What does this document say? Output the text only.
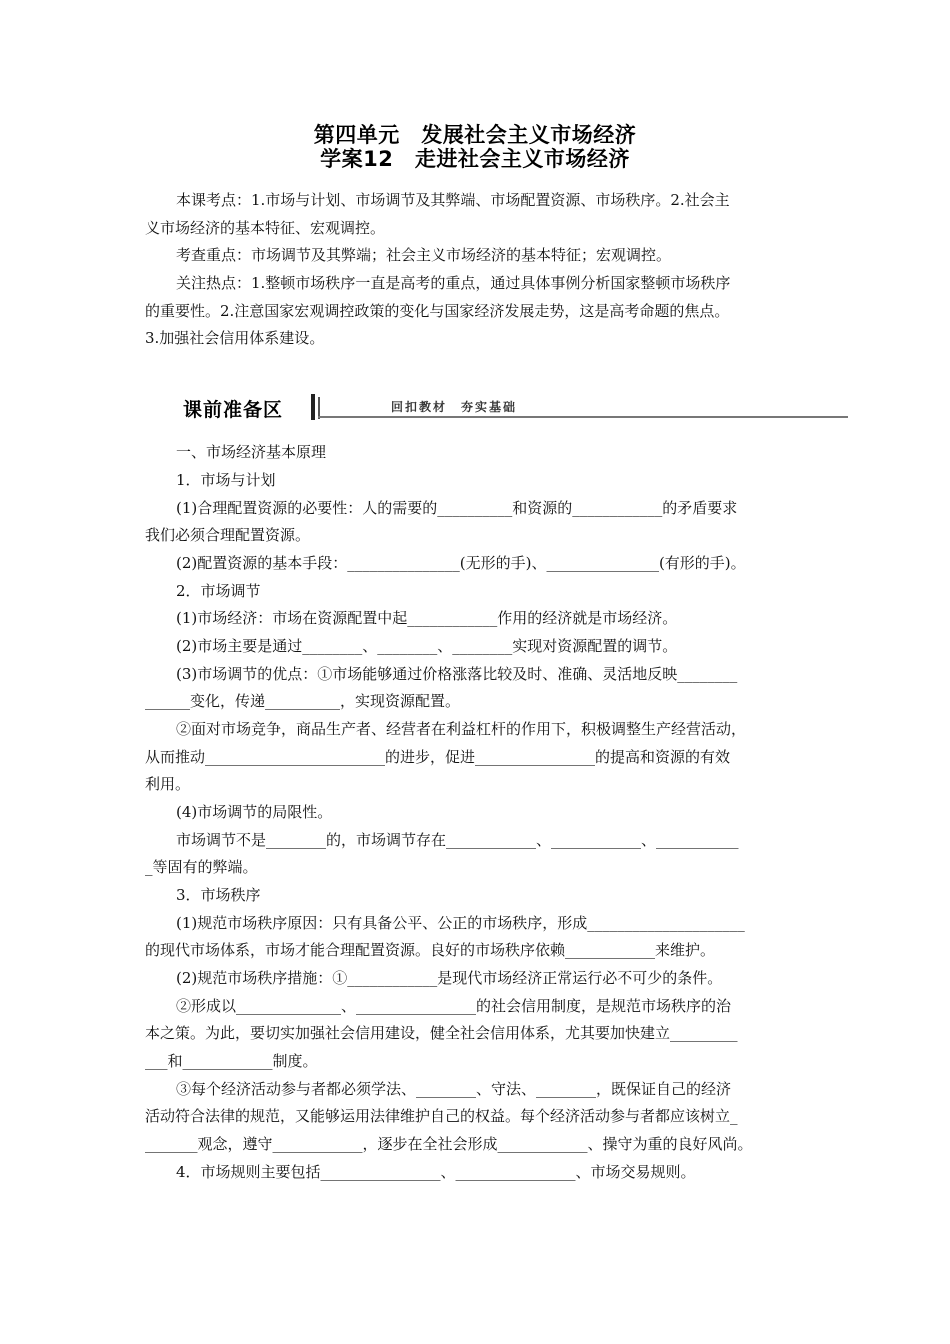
第四单元　发展社会主义市场经济
学案12　走进社会主义市场经济
本课考点：1.市场与计划、市场调节及其弊端、市场配置资源、市场秩序。2.社会主
义市场经济的基本特征、宏观调控。
考查重点：市场调节及其弊端；社会主义市场经济的基本特征；宏观调控。
关注热点：1.整顿市场秩序一直是高考的重点，通过具体事例分析国家整顿市场秩序
的重要性。2.注意国家宏观调控政策的变化与国家经济发展走势，这是高考命题的焦点。
3.加强社会信用体系建设。
课前准备区	回扣教材　夯实基础
一、市场经济基本原理
1．市场与计划
(1)合理配置资源的必要性：人的需要的__________和资源的____________的矛盾要求
我们必须合理配置资源。
(2)配置资源的基本手段：_______________(无形的手)、_______________(有形的手)。
2．市场调节
(1)市场经济：市场在资源配置中起____________作用的经济就是市场经济。
(2)市场主要是通过________、________、________实现对资源配置的调节。
(3)市场调节的优点：①市场能够通过价格涨落比较及时、准确、灵活地反映________
______变化，传递__________，实现资源配置。
②面对市场竞争，商品生产者、经营者在利益杠杆的作用下，积极调整生产经营活动，
从而推动________________________的进步，促进________________的提高和资源的有效
利用。
(4)市场调节的局限性。
市场调节不是________的，市场调节存在____________、____________、___________
_等固有的弊端。
3．市场秩序
(1)规范市场秩序原因：只有具备公平、公正的市场秩序，形成_____________________
的现代市场体系，市场才能合理配置资源。良好的市场秩序依赖____________来维护。
(2)规范市场秩序措施：①____________是现代市场经济正常运行必不可少的条件。
②形成以______________、________________的社会信用制度，是规范市场秩序的治
本之策。为此，要切实加强社会信用建设，健全社会信用体系，尤其要加快建立_________
___和____________制度。
③每个经济活动参与者都必须学法、________、守法、________，既保证自己的经济
活动符合法律的规范，又能够运用法律维护自己的权益。每个经济活动参与者都应该树立_
_______观念，遵守____________，逐步在全社会形成____________、操守为重的良好风尚。
4．市场规则主要包括________________、________________、市场交易规则。
